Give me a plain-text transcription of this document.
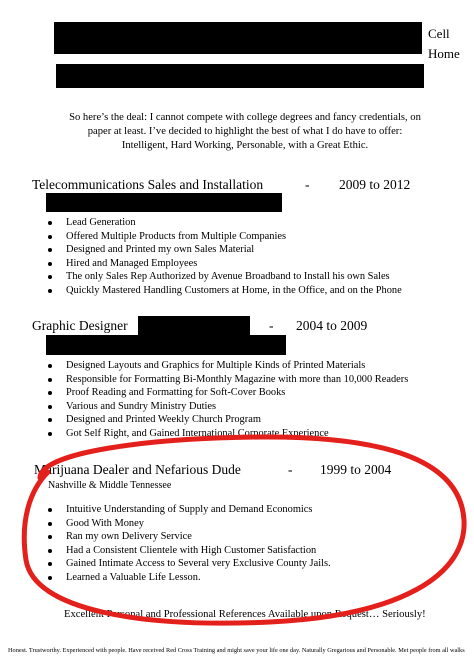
Cell
Home
So here’s the deal: I cannot compete with college degrees and fancy credentials, on
paper at least. I’ve decided to highlight the best of what I do have to offer:
Intelligent, Hard Working, Personable, with a Great Ethic.
Telecommunications Sales and Installation	- 2009 to 2012
Lead Generation
Offered Multiple Products from Multiple Companies
Designed and Printed my own Sales Material
Hired and Managed Employees
The only Sales Rep Authorized by Avenue Broadband to Install his own Sales
Quickly Mastered Handling Customers at Home, in the Office, and on the Phone
Graphic Designer	- 2004 to 2009
Designed Layouts and Graphics for Multiple Kinds of Printed Materials
Responsible for Formatting Bi-Monthly Magazine with more than 10,000 Readers
Proof Reading and Formatting for Soft-Cover Books
Various and Sundry Ministry Duties
Designed and Printed Weekly Church Program
Got Self Right, and Gained International Corporate Experience
Marijuana Dealer and Nefarious Dude	- 1999 to 2004
Nashville & Middle Tennessee
Intuitive Understanding of Supply and Demand Economics
Good With Money
Ran my own Delivery Service
Had a Consistent Clientele with High Customer Satisfaction
Gained Intimate Access to Several very Exclusive County Jails.
Learned a Valuable Life Lesson.
Excellent Personal and Professional References Available upon Request… Seriously!
Honest. Trustworthy. Experienced with people. Have received Red Cross Training and might save your life one day. Naturally Gregarious and Personable. Met people from all walks
